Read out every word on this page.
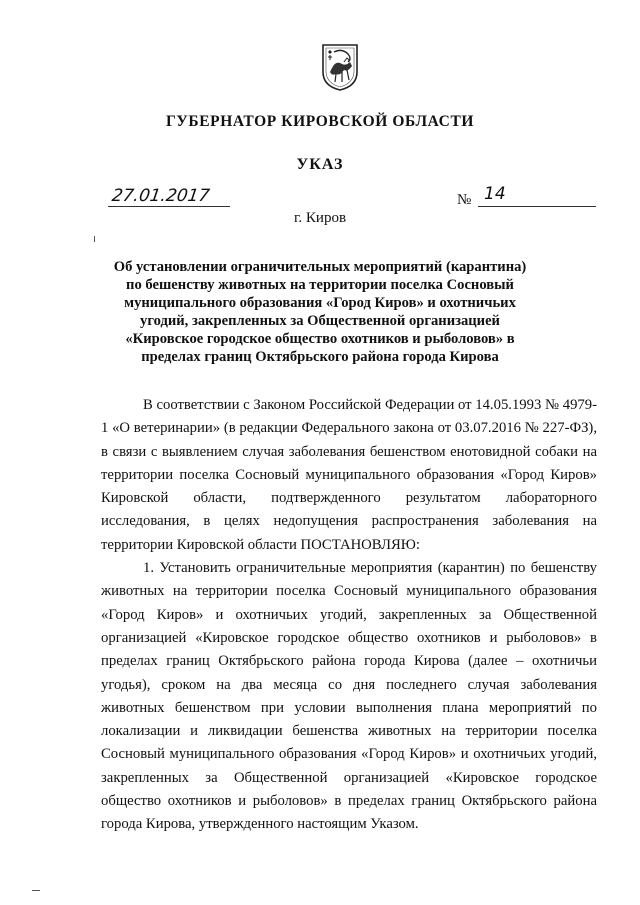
ГУБЕРНАТОР КИРОВСКОЙ ОБЛАСТИ
УКАЗ
27.01.2017	№ 14
г. Киров
Об установлении ограничительных мероприятий (карантина) по бешенству животных на территории поселка Сосновый муниципального образования «Город Киров» и охотничьих угодий, закрепленных за Общественной организацией «Кировское городское общество охотников и рыболовов» в пределах границ Октябрьского района города Кирова

В соответствии с Законом Российской Федерации от 14.05.1993 № 4979-1 «О ветеринарии» (в редакции Федерального закона от 03.07.2016 № 227-ФЗ), в связи с выявлением случая заболевания бешенством енотовидной собаки на территории поселка Сосновый муниципального образования «Город Киров» Кировской области, подтвержденного результатом лабораторного исследования, в целях недопущения распространения заболевания на территории Кировской области ПОСТАНОВЛЯЮ:

1. Установить ограничительные мероприятия (карантин) по бешенству животных на территории поселка Сосновый муниципального образования «Город Киров» и охотничьих угодий, закрепленных за Общественной организацией «Кировское городское общество охотников и рыболовов» в пределах границ Октябрьского района города Кирова (далее – охотничьи угодья), сроком на два месяца со дня последнего случая заболевания животных бешенством при условии выполнения плана мероприятий по локализации и ликвидации бешенства животных на территории поселка Сосновый муниципального образования «Город Киров» и охотничьих угодий, закрепленных за Общественной организацией «Кировское городское общество охотников и рыболовов» в пределах границ Октябрьского района города Кирова, утвержденного настоящим Указом.
